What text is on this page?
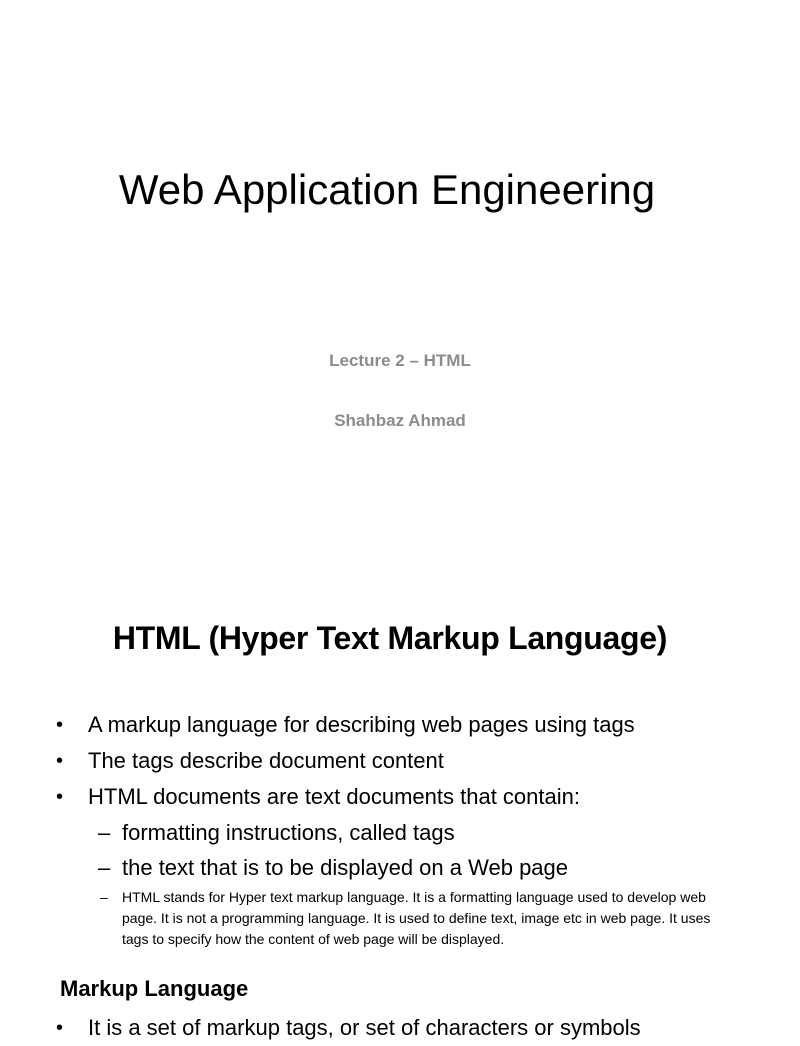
Web Application Engineering
Lecture 2 – HTML
Shahbaz Ahmad
HTML (Hyper Text Markup Language)
• A markup language for describing web pages using tags
• The tags describe document content
• HTML documents are text documents that contain:
– formatting instructions, called tags
– the text that is to be displayed on a Web page
– HTML stands for Hyper text markup language. It is a formatting language used to develop web page. It is not a programming language. It is used to define text, image etc in web page. It uses tags to specify how the content of web page will be displayed.
Markup Language
• It is a set of markup tags, or set of characters or symbols
